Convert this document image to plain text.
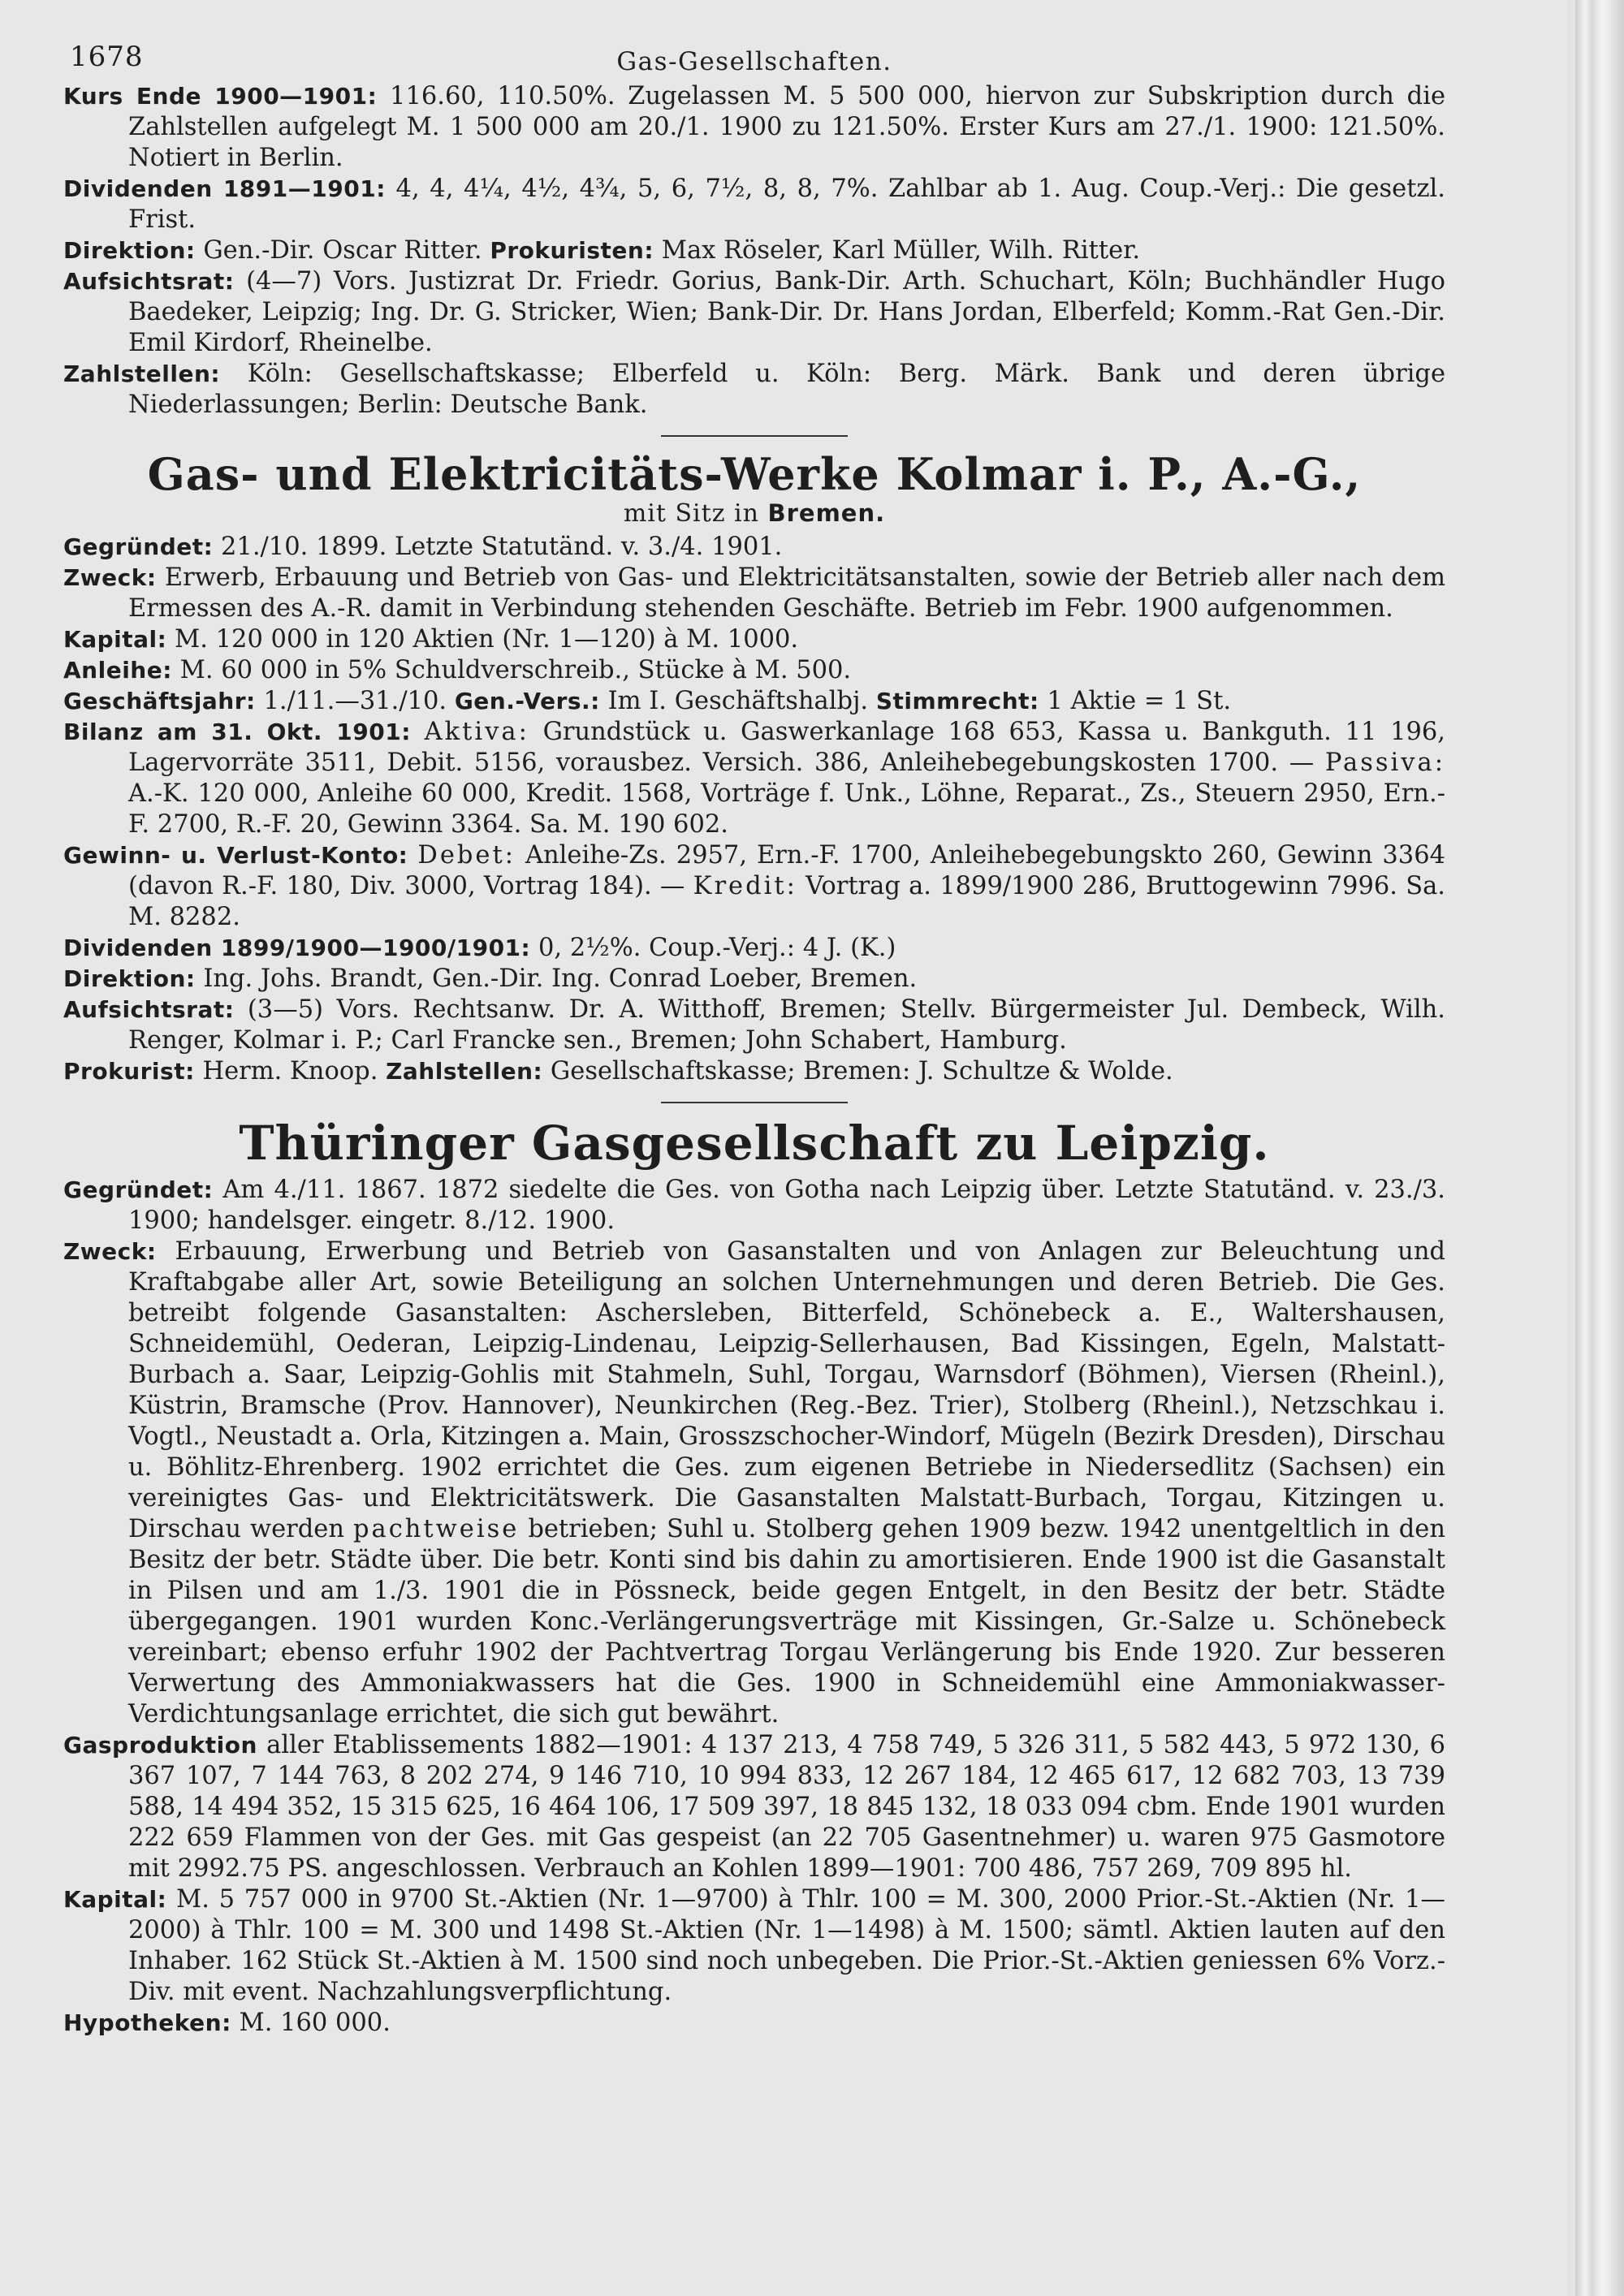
1678	Gas-Gesellschaften.

Kurs Ende 1900—1901: 116.60, 110.50%. Zugelassen M. 5 500 000, hiervon zur Subskription durch die Zahlstellen aufgelegt M. 1 500 000 am 20./1. 1900 zu 121.50%. Erster Kurs am 27./1. 1900: 121.50%. Notiert in Berlin.

Dividenden 1891—1901: 4, 4, 4¼, 4½, 4¾, 5, 6, 7½, 8, 8, 7%. Zahlbar ab 1. Aug. Coup.-Verj.: Die gesetzl. Frist.

Direktion: Gen.-Dir. Oscar Ritter. Prokuristen: Max Röseler, Karl Müller, Wilh. Ritter.

Aufsichtsrat: (4—7) Vors. Justizrat Dr. Friedr. Gorius, Bank-Dir. Arth. Schuchart, Köln; Buchhändler Hugo Baedeker, Leipzig; Ing. Dr. G. Stricker, Wien; Bank-Dir. Dr. Hans Jordan, Elberfeld; Komm.-Rat Gen.-Dir. Emil Kirdorf, Rheinelbe.

Zahlstellen: Köln: Gesellschaftskasse; Elberfeld u. Köln: Berg. Märk. Bank und deren übrige Niederlassungen; Berlin: Deutsche Bank.

Gas- und Elektricitäts-Werke Kolmar i. P., A.-G.,
mit Sitz in Bremen.

Gegründet: 21./10. 1899. Letzte Statutänd. v. 3./4. 1901.

Zweck: Erwerb, Erbauung und Betrieb von Gas- und Elektricitätsanstalten, sowie der Betrieb aller nach dem Ermessen des A.-R. damit in Verbindung stehenden Geschäfte. Betrieb im Febr. 1900 aufgenommen.

Kapital: M. 120 000 in 120 Aktien (Nr. 1—120) à M. 1000.

Anleihe: M. 60 000 in 5% Schuldverschreib., Stücke à M. 500.

Geschäftsjahr: 1./11.—31./10. Gen.-Vers.: Im I. Geschäftshalbj. Stimmrecht: 1 Aktie = 1 St.

Bilanz am 31. Okt. 1901: Aktiva: Grundstück u. Gaswerkanlage 168 653, Kassa u. Bankguth. 11 196, Lagervorräte 3511, Debit. 5156, vorausbez. Versich. 386, Anleihebegebungskosten 1700. — Passiva: A.-K. 120 000, Anleihe 60 000, Kredit. 1568, Vorträge f. Unk., Löhne, Reparat., Zs., Steuern 2950, Ern.-F. 2700, R.-F. 20, Gewinn 3364. Sa. M. 190 602.

Gewinn- u. Verlust-Konto: Debet: Anleihe-Zs. 2957, Ern.-F. 1700, Anleihebegebungskto 260, Gewinn 3364 (davon R.-F. 180, Div. 3000, Vortrag 184). — Kredit: Vortrag a. 1899/1900 286, Bruttogewinn 7996. Sa. M. 8282.

Dividenden 1899/1900—1900/1901: 0, 2½%. Coup.-Verj.: 4 J. (K.)

Direktion: Ing. Johs. Brandt, Gen.-Dir. Ing. Conrad Loeber, Bremen.

Aufsichtsrat: (3—5) Vors. Rechtsanw. Dr. A. Witthoff, Bremen; Stellv. Bürgermeister Jul. Dembeck, Wilh. Renger, Kolmar i. P.; Carl Francke sen., Bremen; John Schabert, Hamburg.

Prokurist: Herm. Knoop. Zahlstellen: Gesellschaftskasse; Bremen: J. Schultze & Wolde.

Thüringer Gasgesellschaft zu Leipzig.

Gegründet: Am 4./11. 1867. 1872 siedelte die Ges. von Gotha nach Leipzig über. Letzte Statutänd. v. 23./3. 1900; handelsger. eingetr. 8./12. 1900.

Zweck: Erbauung, Erwerbung und Betrieb von Gasanstalten und von Anlagen zur Beleuchtung und Kraftabgabe aller Art, sowie Beteiligung an solchen Unternehmungen und deren Betrieb. Die Ges. betreibt folgende Gasanstalten: Aschersleben, Bitterfeld, Schönebeck a. E., Waltershausen, Schneidemühl, Oederan, Leipzig-Lindenau, Leipzig-Sellerhausen, Bad Kissingen, Egeln, Malstatt-Burbach a. Saar, Leipzig-Gohlis mit Stahmeln, Suhl, Torgau, Warnsdorf (Böhmen), Viersen (Rheinl.), Küstrin, Bramsche (Prov. Hannover), Neunkirchen (Reg.-Bez. Trier), Stolberg (Rheinl.), Netzschkau i. Vogtl., Neustadt a. Orla, Kitzingen a. Main, Grosszschocher-Windorf, Mügeln (Bezirk Dresden), Dirschau u. Böhlitz-Ehrenberg. 1902 errichtet die Ges. zum eigenen Betriebe in Niedersedlitz (Sachsen) ein vereinigtes Gas- und Elektricitätswerk. Die Gasanstalten Malstatt-Burbach, Torgau, Kitzingen u. Dirschau werden pachtweise betrieben; Suhl u. Stolberg gehen 1909 bezw. 1942 unentgeltlich in den Besitz der betr. Städte über. Die betr. Konti sind bis dahin zu amortisieren. Ende 1900 ist die Gasanstalt in Pilsen und am 1./3. 1901 die in Pössneck, beide gegen Entgelt, in den Besitz der betr. Städte übergegangen. 1901 wurden Konc.-Verlängerungsverträge mit Kissingen, Gr.-Salze u. Schönebeck vereinbart; ebenso erfuhr 1902 der Pachtvertrag Torgau Verlängerung bis Ende 1920. Zur besseren Verwertung des Ammoniakwassers hat die Ges. 1900 in Schneidemühl eine Ammoniakwasser-Verdichtungsanlage errichtet, die sich gut bewährt.

Gasproduktion aller Etablissements 1882—1901: 4 137 213, 4 758 749, 5 326 311, 5 582 443, 5 972 130, 6 367 107, 7 144 763, 8 202 274, 9 146 710, 10 994 833, 12 267 184, 12 465 617, 12 682 703, 13 739 588, 14 494 352, 15 315 625, 16 464 106, 17 509 397, 18 845 132, 18 033 094 cbm. Ende 1901 wurden 222 659 Flammen von der Ges. mit Gas gespeist (an 22 705 Gasentnehmer) u. waren 975 Gasmotore mit 2992.75 PS. angeschlossen. Verbrauch an Kohlen 1899—1901: 700 486, 757 269, 709 895 hl.

Kapital: M. 5 757 000 in 9700 St.-Aktien (Nr. 1—9700) à Thlr. 100 = M. 300, 2000 Prior.-St.-Aktien (Nr. 1—2000) à Thlr. 100 = M. 300 und 1498 St.-Aktien (Nr. 1—1498) à M. 1500; sämtl. Aktien lauten auf den Inhaber. 162 Stück St.-Aktien à M. 1500 sind noch unbegeben. Die Prior.-St.-Aktien geniessen 6% Vorz.-Div. mit event. Nachzahlungsverpflichtung.

Hypotheken: M. 160 000.
